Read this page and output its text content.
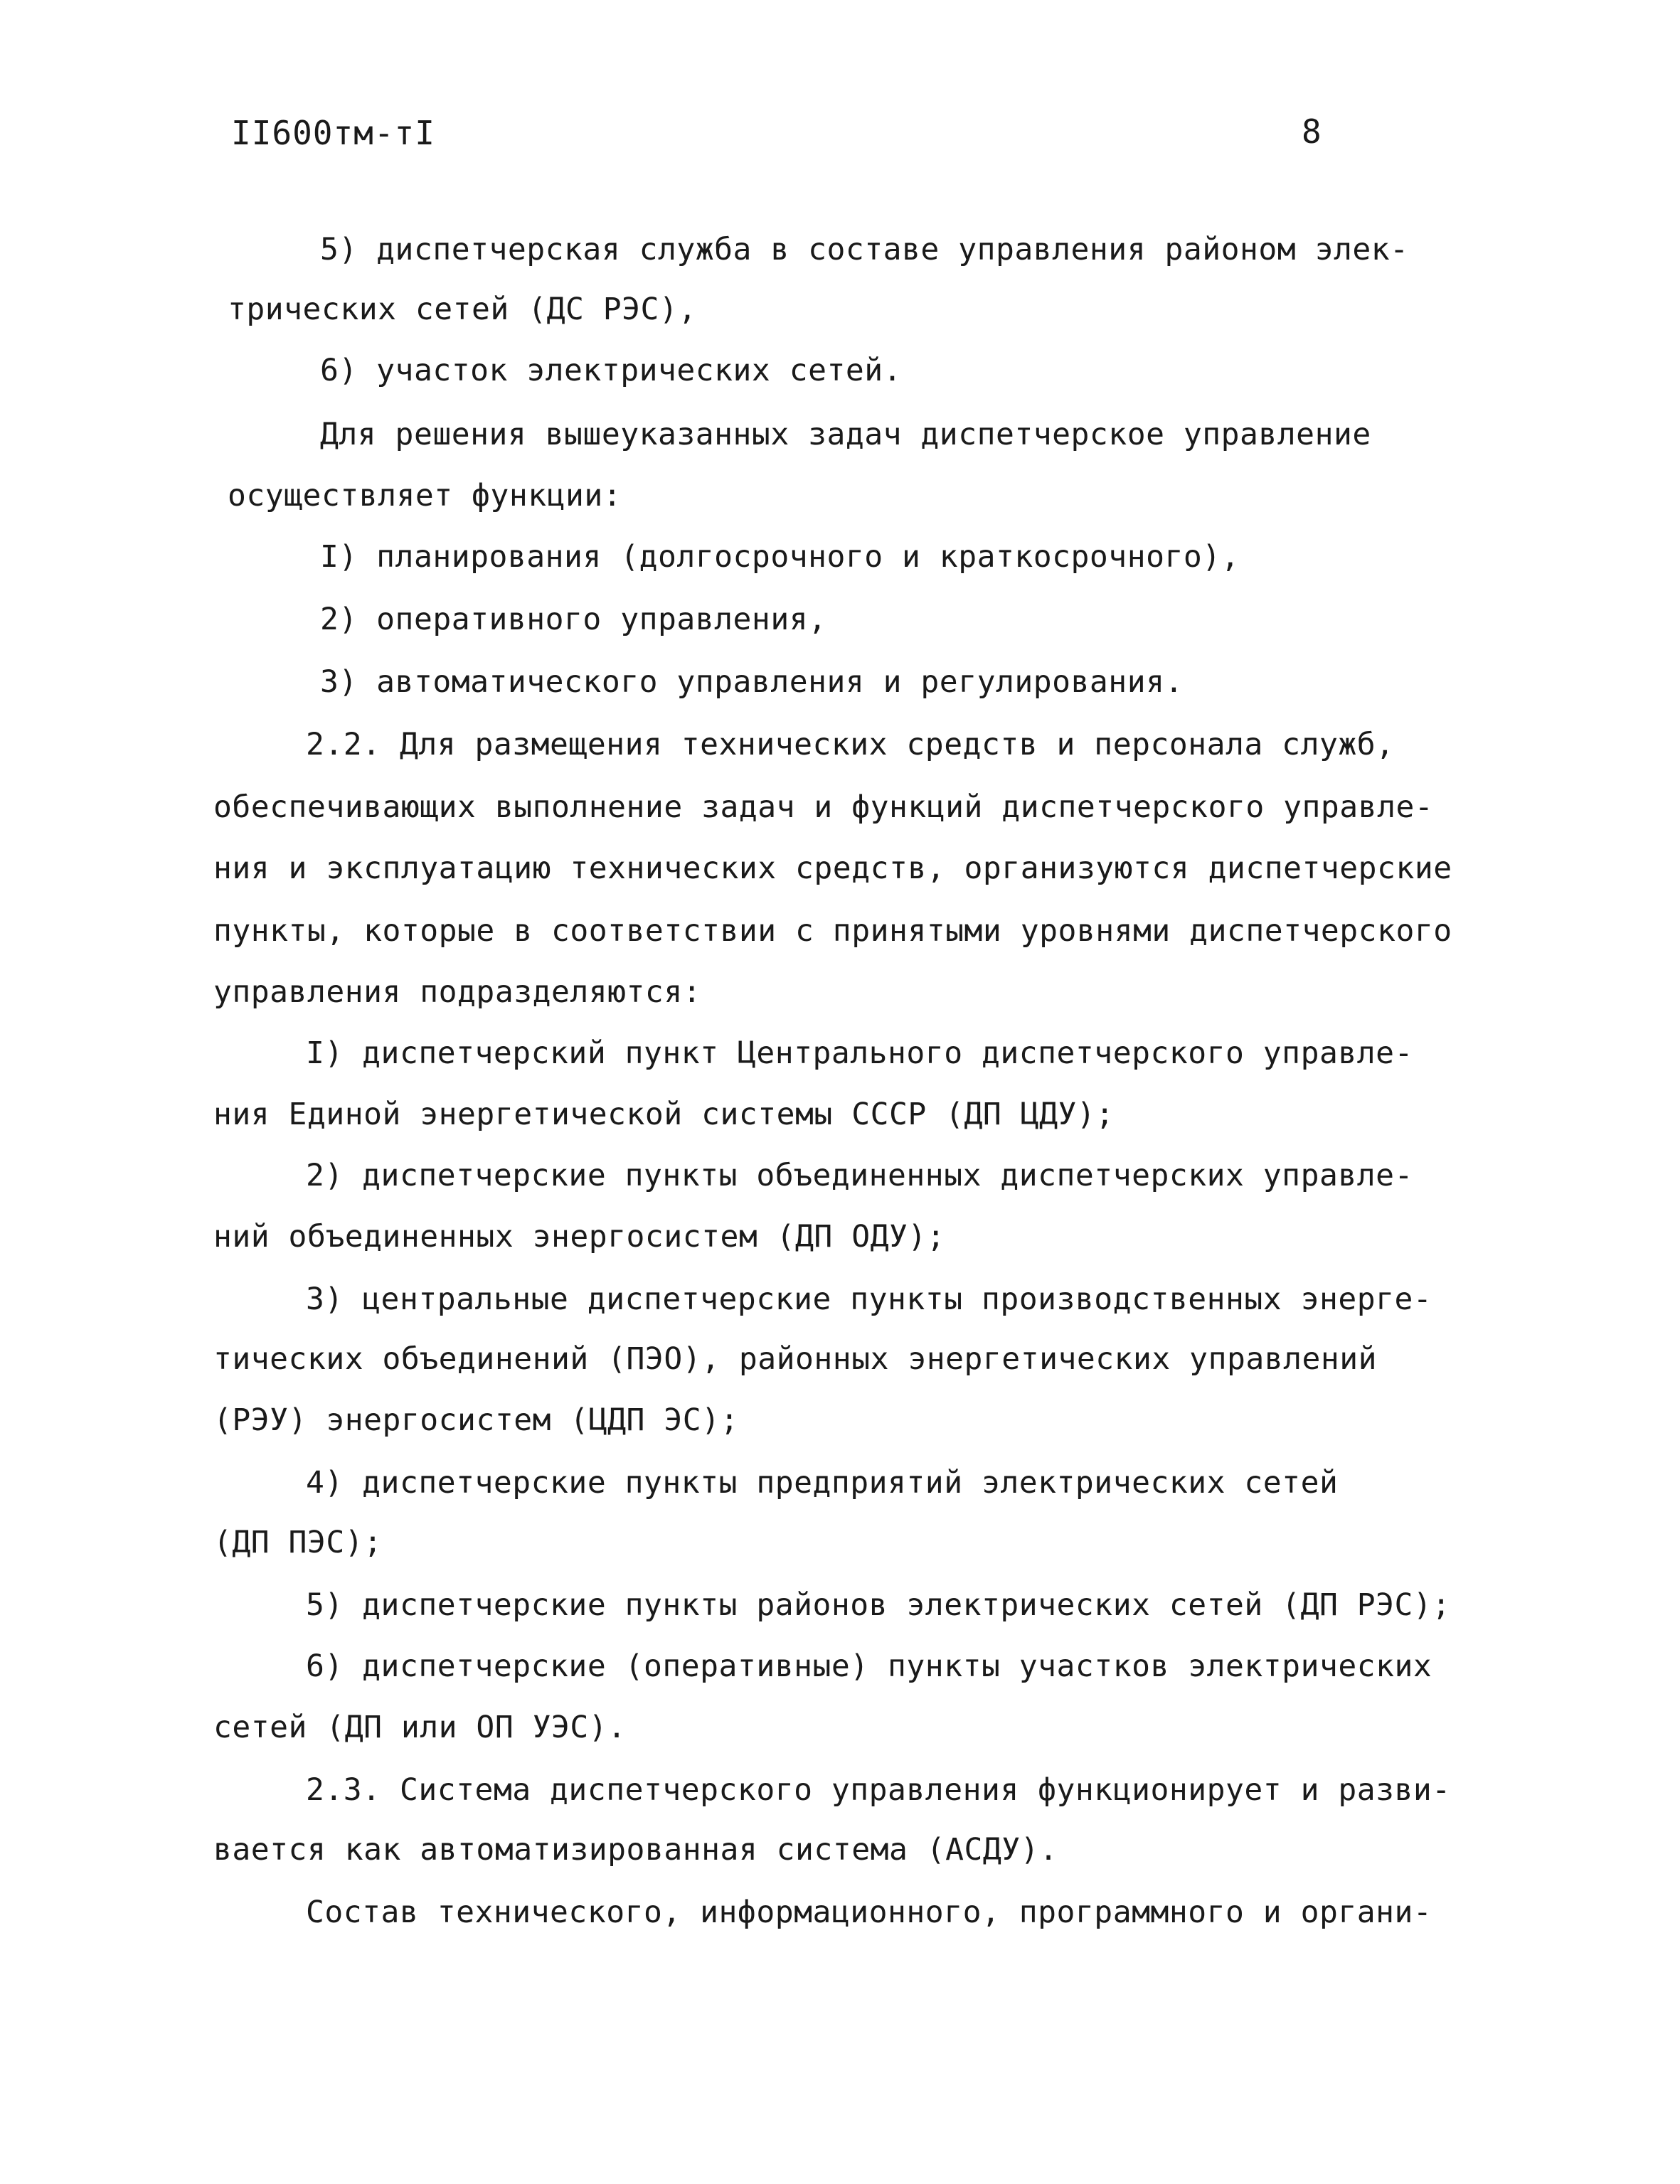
II600тм-тI	8
5) диспетчерская служба в составе управления районом элек-
трических сетей (ДС РЭС),
6) участок электрических сетей.
Для решения вышеуказанных задач диспетчерское управление
осуществляет функции:
I) планирования (долгосрочного и краткосрочного),
2) оперативного управления,
3) автоматического управления и регулирования.
2.2. Для размещения технических средств и персонала служб,
обеспечивающих выполнение задач и функций диспетчерского управле-
ния и эксплуатацию технических средств, организуются диспетчерские
пункты, которые в соответствии с принятыми уровнями диспетчерского
управления подразделяются:
I) диспетчерский пункт Центрального диспетчерского управле-
ния Единой энергетической системы СССР (ДП ЦДУ);
2) диспетчерские пункты объединенных диспетчерских управле-
ний объединенных энергосистем (ДП ОДУ);
3) центральные диспетчерские пункты производственных энерге-
тических объединений (ПЭО), районных энергетических управлений
(РЭУ) энергосистем (ЦДП ЭС);
4) диспетчерские пункты предприятий электрических сетей
(ДП ПЭС);
5) диспетчерские пункты районов электрических сетей (ДП РЭС);
6) диспетчерские (оперативные) пункты участков электрических
сетей (ДП или ОП УЭС).
2.3. Система диспетчерского управления функционирует и разви-
вается как автоматизированная система (АСДУ).
Состав технического, информационного, программного и органи-
